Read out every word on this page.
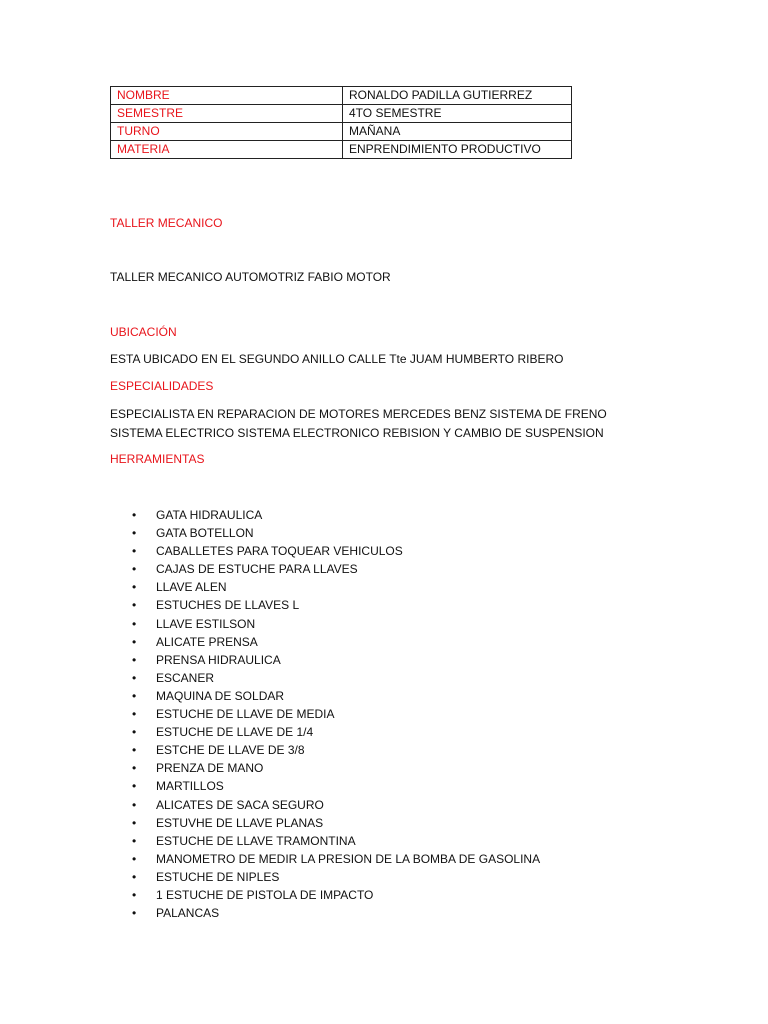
NOMBRE	RONALDO PADILLA GUTIERREZ
SEMESTRE	4TO SEMESTRE
TURNO	MAÑANA
MATERIA	ENPRENDIMIENTO PRODUCTIVO
TALLER MECANICO
TALLER MECANICO AUTOMOTRIZ FABIO MOTOR
UBICACIÓN
ESTA UBICADO EN EL SEGUNDO ANILLO CALLE Tte JUAM HUMBERTO RIBERO
ESPECIALIDADES
ESPECIALISTA EN REPARACION DE MOTORES MERCEDES BENZ SISTEMA DE FRENO SISTEMA ELECTRICO SISTEMA ELECTRONICO REBISION Y CAMBIO DE SUSPENSION
HERRAMIENTAS
• GATA HIDRAULICA
• GATA BOTELLON
• CABALLETES PARA TOQUEAR VEHICULOS
• CAJAS DE ESTUCHE PARA LLAVES
• LLAVE ALEN
• ESTUCHES DE LLAVES L
• LLAVE ESTILSON
• ALICATE PRENSA
• PRENSA HIDRAULICA
• ESCANER
• MAQUINA DE SOLDAR
• ESTUCHE DE LLAVE DE MEDIA
• ESTUCHE DE LLAVE DE 1/4
• ESTCHE DE LLAVE DE 3/8
• PRENZA DE MANO
• MARTILLOS
• ALICATES DE SACA SEGURO
• ESTUVHE DE LLAVE PLANAS
• ESTUCHE DE LLAVE TRAMONTINA
• MANOMETRO DE MEDIR LA PRESION DE LA BOMBA DE GASOLINA
• ESTUCHE DE NIPLES
• 1 ESTUCHE DE PISTOLA DE IMPACTO
• PALANCAS
